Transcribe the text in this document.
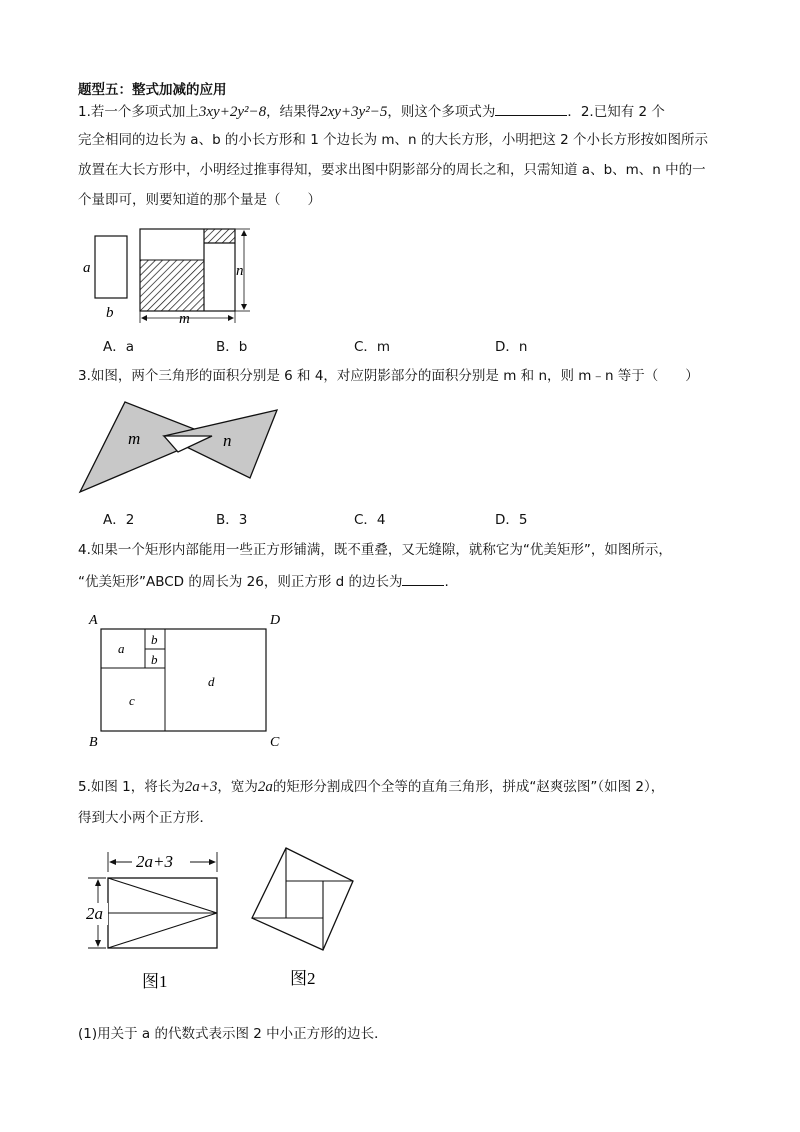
题型五：整式加减的应用
1.若一个多项式加上3xy+2y²−8，结果得2xy+3y²−5，则这个多项式为	．2.已知有 2 个
完全相同的边长为 a、b 的小长方形和 1 个边长为 m、n 的大长方形，小明把这 2 个小长方形按如图所示
放置在大长方形中，小明经过推事得知，要求出图中阴影部分的周长之和，只需知道 a、b、m、n 中的一
个量即可，则要知道的那个量是（　　）
a
b
n
m
A．a	B．b	C．m	D．n
3.如图，两个三角形的面积分别是 6 和 4，对应阴影部分的面积分别是 m 和 n，则 m﹣n 等于（　　）
m	n
A．2	B．3	C．4	D．5
4.如果一个矩形内部能用一些正方形铺满，既不重叠，又无缝隙，就称它为“优美矩形”，如图所示，
“优美矩形”ABCD 的周长为 26，则正方形 d 的边长为	.
A	D
B	C
a
b
b
c
d
5.如图 1，将长为2a+3，宽为2a的矩形分割成四个全等的直角三角形，拼成“赵爽弦图”（如图 2），
得到大小两个正方形．
2a+3
2a
图1	图2
(1)用关于 a 的代数式表示图 2 中小正方形的边长．
